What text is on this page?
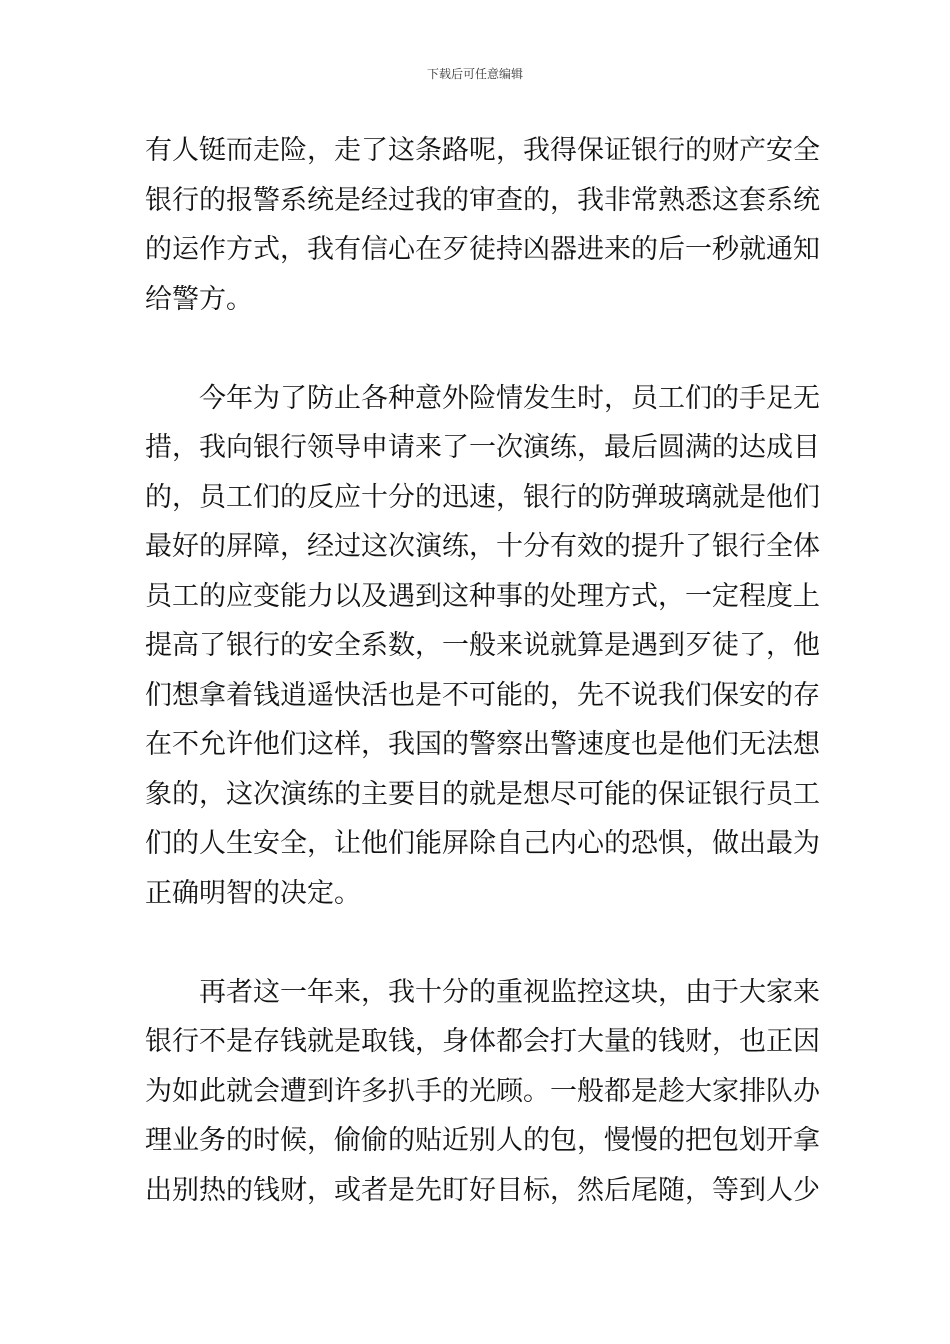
下载后可任意编辑

有人铤而走险，走了这条路呢，我得保证银行的财产安全
银行的报警系统是经过我的审查的，我非常熟悉这套系统
的运作方式，我有信心在歹徒持凶器进来的后一秒就通知
给警方。

今年为了防止各种意外险情发生时，员工们的手足无
措，我向银行领导申请来了一次演练，最后圆满的达成目
的，员工们的反应十分的迅速，银行的防弹玻璃就是他们
最好的屏障，经过这次演练，十分有效的提升了银行全体
员工的应变能力以及遇到这种事的处理方式，一定程度上
提高了银行的安全系数，一般来说就算是遇到歹徒了，他
们想拿着钱逍遥快活也是不可能的，先不说我们保安的存
在不允许他们这样，我国的警察出警速度也是他们无法想
象的，这次演练的主要目的就是想尽可能的保证银行员工
们的人生安全，让他们能屏除自己内心的恐惧，做出最为
正确明智的决定。

再者这一年来，我十分的重视监控这块，由于大家来
银行不是存钱就是取钱，身体都会打大量的钱财，也正因
为如此就会遭到许多扒手的光顾。一般都是趁大家排队办
理业务的时候，偷偷的贴近别人的包，慢慢的把包划开拿
出别热的钱财，或者是先盯好目标，然后尾随，等到人少
